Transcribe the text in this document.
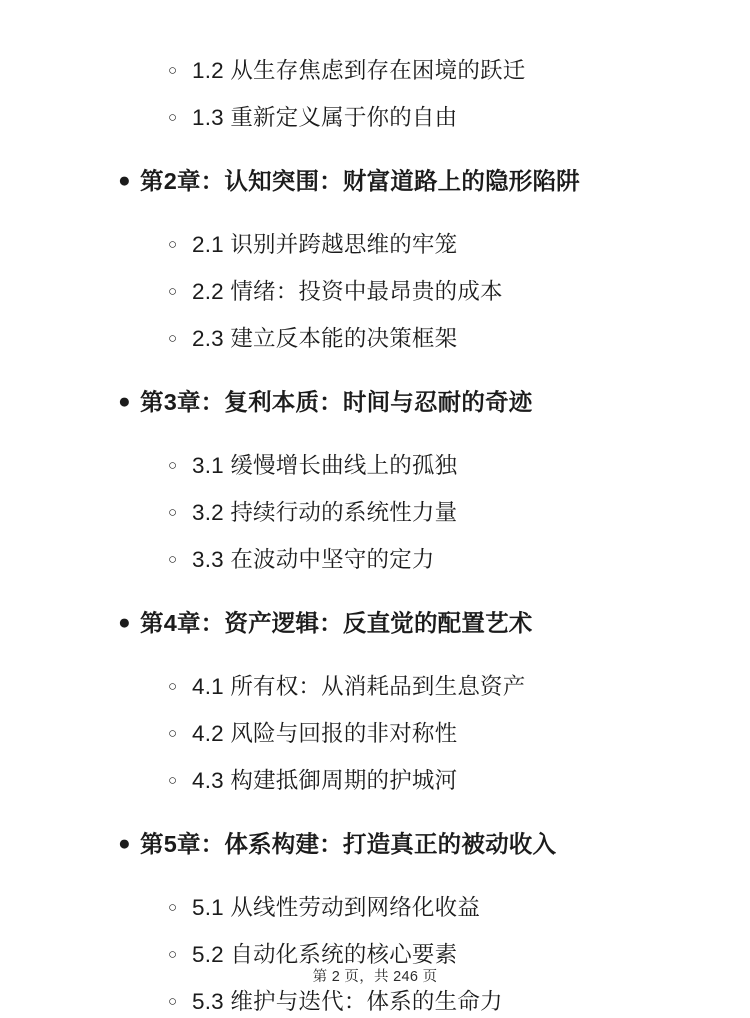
○ 1.2 从生存焦虑到存在困境的跃迁
○ 1.3 重新定义属于你的自由
● 第2章：认知突围：财富道路上的隐形陷阱
○ 2.1 识别并跨越思维的牢笼
○ 2.2 情绪：投资中最昂贵的成本
○ 2.3 建立反本能的决策框架
● 第3章：复利本质：时间与忍耐的奇迹
○ 3.1 缓慢增长曲线上的孤独
○ 3.2 持续行动的系统性力量
○ 3.3 在波动中坚守的定力
● 第4章：资产逻辑：反直觉的配置艺术
○ 4.1 所有权：从消耗品到生息资产
○ 4.2 风险与回报的非对称性
○ 4.3 构建抵御周期的护城河
● 第5章：体系构建：打造真正的被动收入
○ 5.1 从线性劳动到网络化收益
○ 5.2 自动化系统的核心要素
○ 5.3 维护与迭代：体系的生命力
第 2 页，共 246 页
